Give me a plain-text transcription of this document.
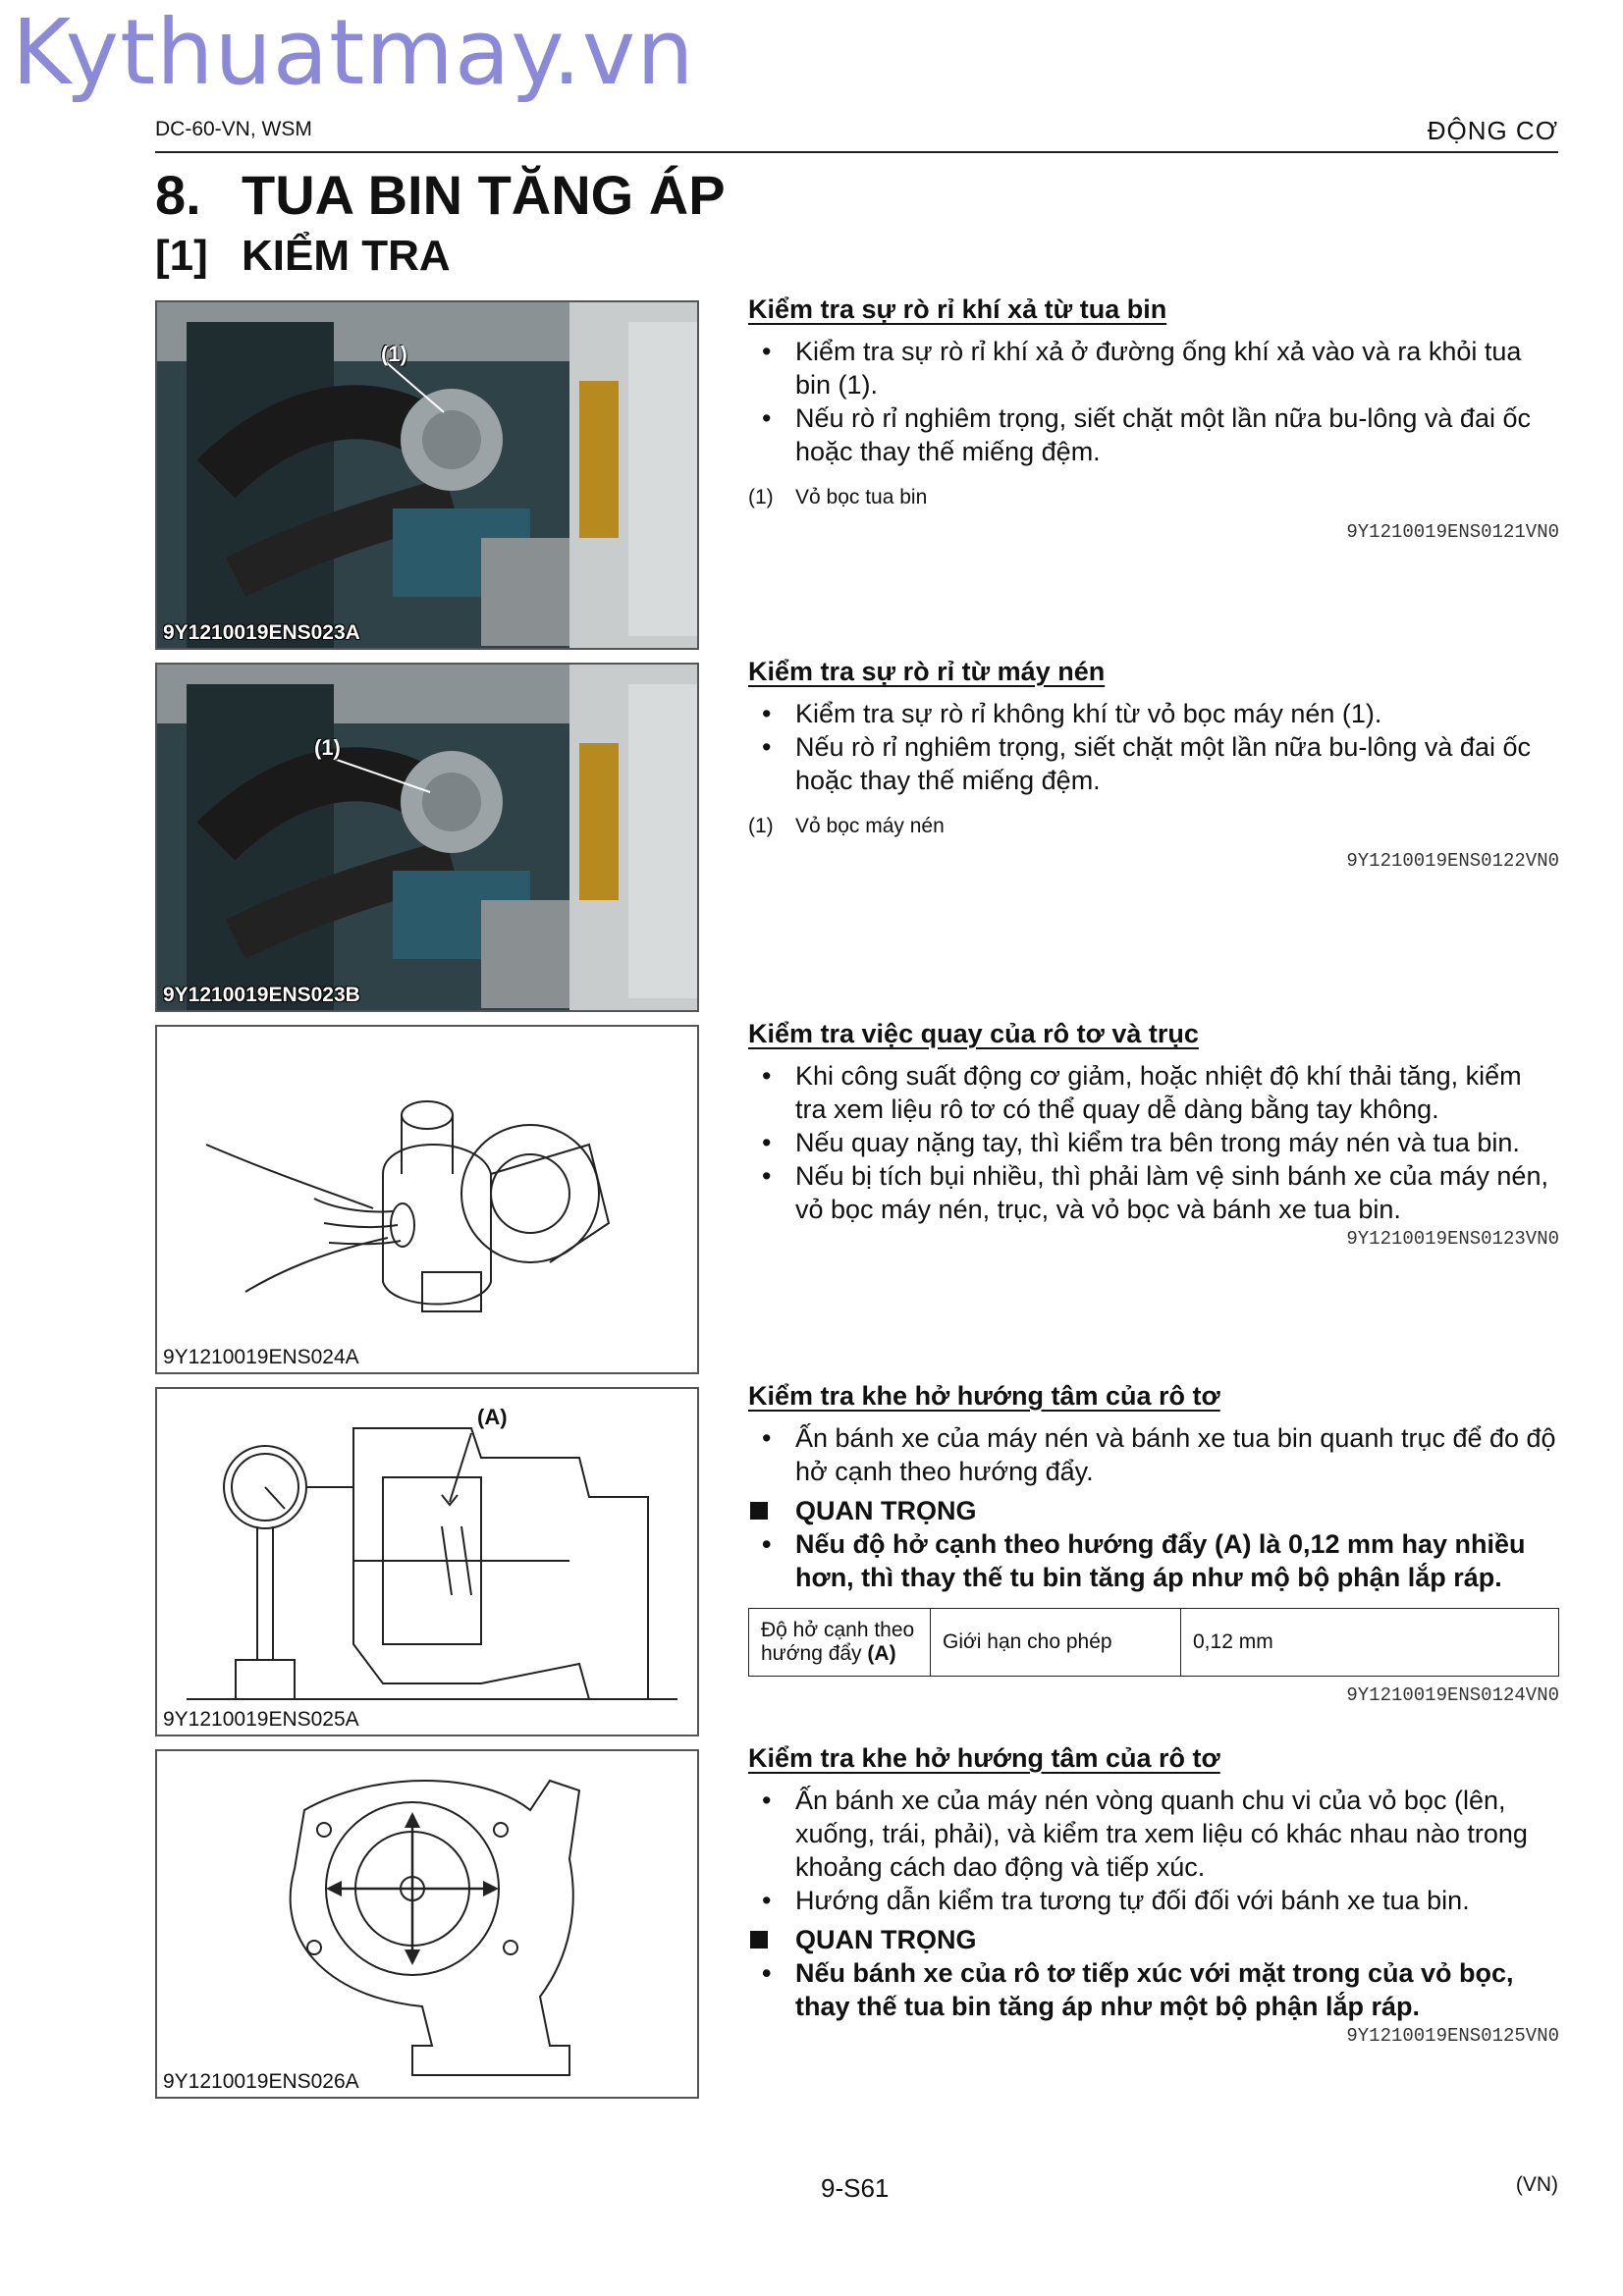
Kythuatmay.vn
DC-60-VN, WSM	ĐỘNG CƠ
8. TUA BIN TĂNG ÁP
[1] KIỂM TRA
(1)
9Y1210019ENS023A
(1)
9Y1210019ENS023B
9Y1210019ENS024A
(A)
9Y1210019ENS025A
9Y1210019ENS026A
Kiểm tra sự rò rỉ khí xả từ tua bin
• Kiểm tra sự rò rỉ khí xả ở đường ống khí xả vào và ra khỏi tua bin (1).
• Nếu rò rỉ nghiêm trọng, siết chặt một lần nữa bu-lông và đai ốc hoặc thay thế miếng đệm.
(1) Vỏ bọc tua bin
9Y1210019ENS0121VN0
Kiểm tra sự rò rỉ từ máy nén
• Kiểm tra sự rò rỉ không khí từ vỏ bọc máy nén (1).
• Nếu rò rỉ nghiêm trọng, siết chặt một lần nữa bu-lông và đai ốc hoặc thay thế miếng đệm.
(1) Vỏ bọc máy nén
9Y1210019ENS0122VN0
Kiểm tra việc quay của rô tơ và trục
• Khi công suất động cơ giảm, hoặc nhiệt độ khí thải tăng, kiểm tra xem liệu rô tơ có thể quay dễ dàng bằng tay không.
• Nếu quay nặng tay, thì kiểm tra bên trong máy nén và tua bin.
• Nếu bị tích bụi nhiều, thì phải làm vệ sinh bánh xe của máy nén, vỏ bọc máy nén, trục, và vỏ bọc và bánh xe tua bin.
9Y1210019ENS0123VN0
Kiểm tra khe hở hướng tâm của rô tơ
• Ấn bánh xe của máy nén và bánh xe tua bin quanh trục để đo độ hở cạnh theo hướng đẩy.
QUAN TRỌNG
• Nếu độ hở cạnh theo hướng đẩy (A) là 0,12 mm hay nhiều hơn, thì thay thế tu bin tăng áp như mộ bộ phận lắp ráp.
Độ hở cạnh theo hướng đẩy (A)	Giới hạn cho phép	0,12 mm
9Y1210019ENS0124VN0
Kiểm tra khe hở hướng tâm của rô tơ
• Ấn bánh xe của máy nén vòng quanh chu vi của vỏ bọc (lên, xuống, trái, phải), và kiểm tra xem liệu có khác nhau nào trong khoảng cách dao động và tiếp xúc.
• Hướng dẫn kiểm tra tương tự đối đối với bánh xe tua bin.
QUAN TRỌNG
• Nếu bánh xe của rô tơ tiếp xúc với mặt trong của vỏ bọc, thay thế tua bin tăng áp như một bộ phận lắp ráp.
9Y1210019ENS0125VN0
9-S61	(VN)
